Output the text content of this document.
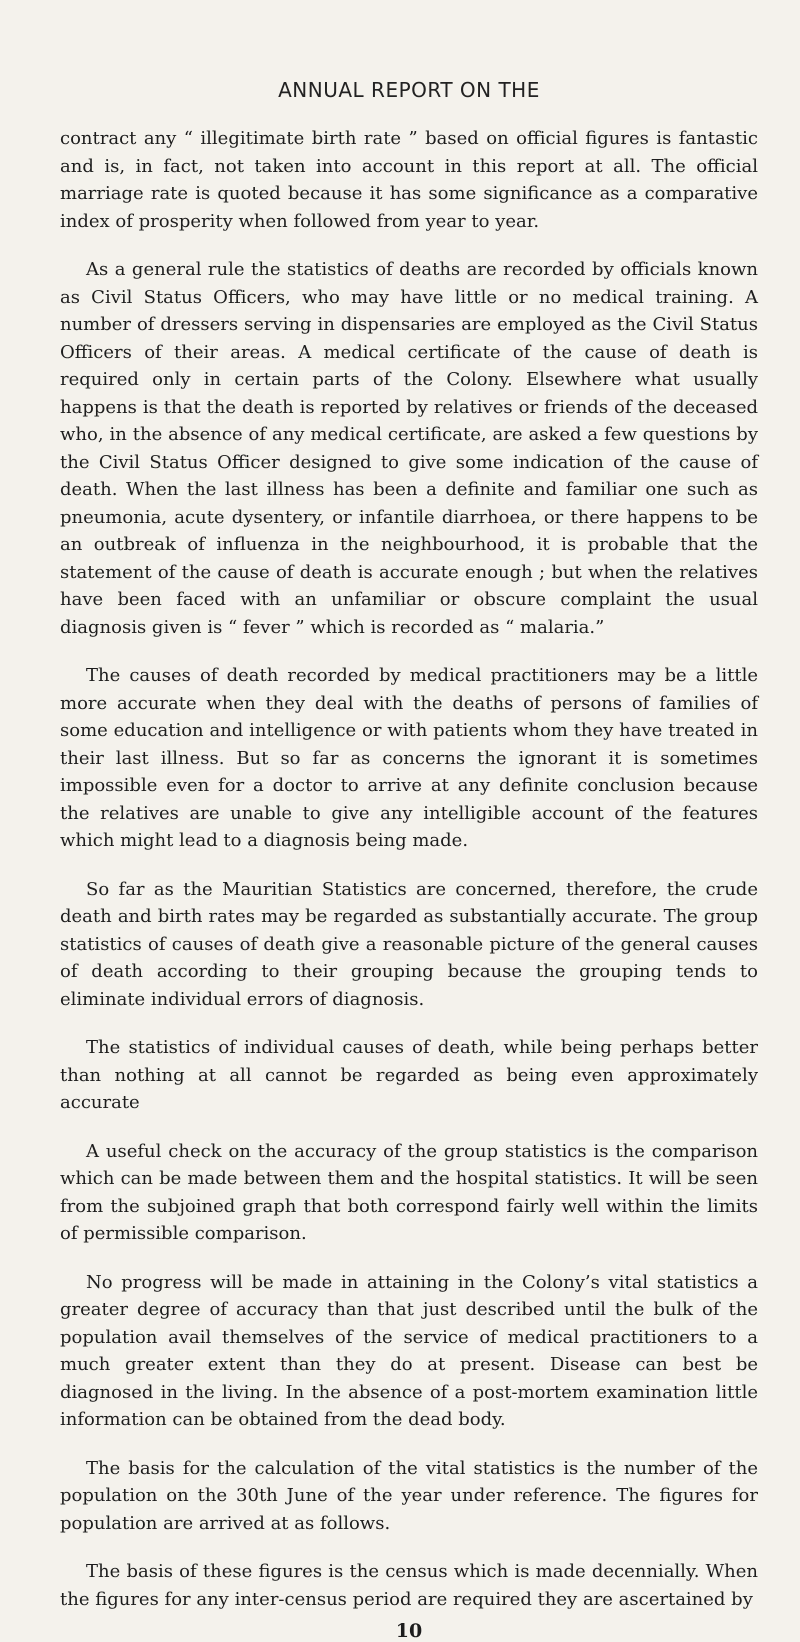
ANNUAL REPORT ON THE

contract any “ illegitimate birth rate ” based on official figures is fantastic and is, in fact, not taken into account in this report at all. The official marriage rate is quoted because it has some significance as a comparative index of prosperity when followed from year to year.

As a general rule the statistics of deaths are recorded by officials known as Civil Status Officers, who may have little or no medical training. A number of dressers serving in dispensaries are employed as the Civil Status Officers of their areas. A medical certificate of the cause of death is required only in certain parts of the Colony. Elsewhere what usually happens is that the death is reported by relatives or friends of the deceased who, in the absence of any medical certificate, are asked a few questions by the Civil Status Officer designed to give some indication of the cause of death. When the last illness has been a definite and familiar one such as pneumonia, acute dysentery, or infantile diarrhoea, or there happens to be an outbreak of influenza in the neighbourhood, it is probable that the statement of the cause of death is accurate enough ; but when the relatives have been faced with an unfamiliar or obscure complaint the usual diagnosis given is “ fever ” which is recorded as “ malaria.”

The causes of death recorded by medical practitioners may be a little more accurate when they deal with the deaths of persons of families of some education and intelligence or with patients whom they have treated in their last illness. But so far as concerns the ignorant it is sometimes impossible even for a doctor to arrive at any definite conclusion because the relatives are unable to give any intelligible account of the features which might lead to a diagnosis being made.

So far as the Mauritian Statistics are concerned, therefore, the crude death and birth rates may be regarded as substantially accurate. The group statistics of causes of death give a reasonable picture of the general causes of death according to their grouping because the grouping tends to eliminate individual errors of diagnosis.

The statistics of individual causes of death, while being perhaps better than nothing at all cannot be regarded as being even approximately accurate

A useful check on the accuracy of the group statistics is the comparison which can be made between them and the hospital statistics. It will be seen from the subjoined graph that both correspond fairly well within the limits of permissible comparison.

No progress will be made in attaining in the Colony’s vital statistics a greater degree of accuracy than that just described until the bulk of the population avail themselves of the service of medical practitioners to a much greater extent than they do at present. Disease can best be diagnosed in the living. In the absence of a post-mortem examination little information can be obtained from the dead body.

The basis for the calculation of the vital statistics is the number of the population on the 30th June of the year under reference. The figures for population are arrived at as follows.

The basis of these figures is the census which is made decennially. When the figures for any inter-census period are required they are ascertained by

10
